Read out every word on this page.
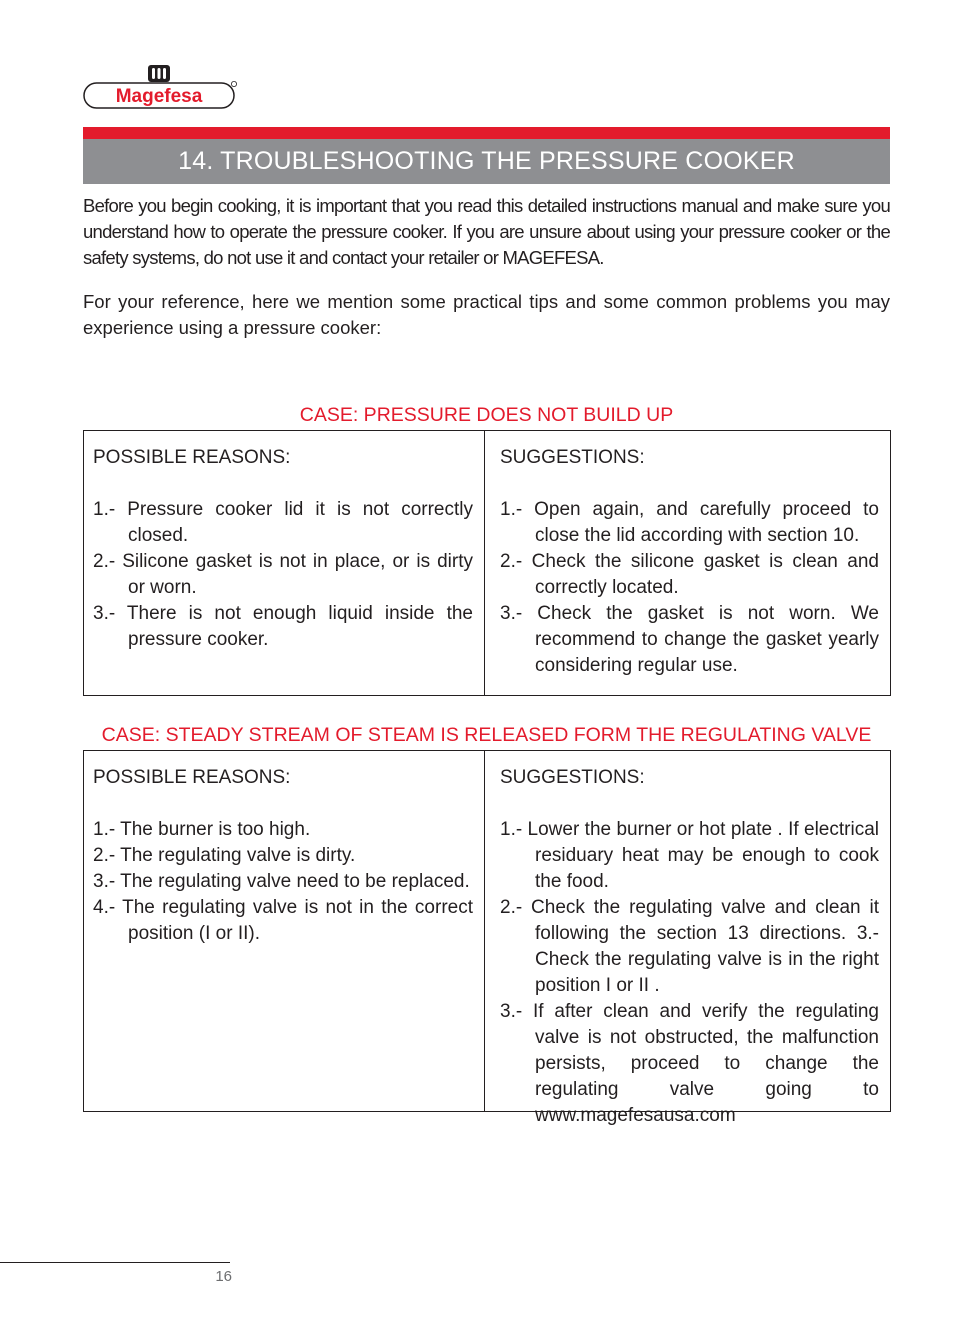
Magefesa
14. TROUBLESHOOTING THE PRESSURE COOKER

Before you begin cooking, it is important that you read this detailed instructions manual and make sure you understand how to operate the pressure cooker. If you are unsure about using your pressure cooker or the safety systems, do not use it and contact your retailer or MAGEFESA.

For your reference, here we mention some practical tips and some common problems you may experience using a pressure cooker:

CASE: PRESSURE DOES NOT BUILD UP

POSSIBLE REASONS:

1.- Pressure cooker lid it is not correctly closed.
2.- Silicone gasket is not in place, or is dirty or worn.
3.- There is not enough liquid inside the pressure cooker.

SUGGESTIONS:

1.- Open again, and carefully proceed to close the lid according with section 10.
2.- Check the silicone gasket is clean and correctly located.
3.- Check the gasket is not worn. We recommend to change the gasket yearly considering regular use.

CASE: STEADY STREAM OF STEAM IS RELEASED FORM THE REGULATING VALVE

POSSIBLE REASONS:

1.- The burner is too high.
2.- The regulating valve is dirty.
3.- The regulating valve need to be replaced.
4.- The regulating valve is not in the correct position (I or II).

SUGGESTIONS:

1.- Lower the burner or hot plate . If electrical residuary heat may be enough to cook the food.
2.- Check the regulating valve and clean it following the section 13 directions. 3.- Check the regulating valve is in the right position I or II .
3.- If after clean and verify the regulating valve is not obstructed, the malfunction persists, proceed to change the regulating valve going to www.magefesausa.com
16
